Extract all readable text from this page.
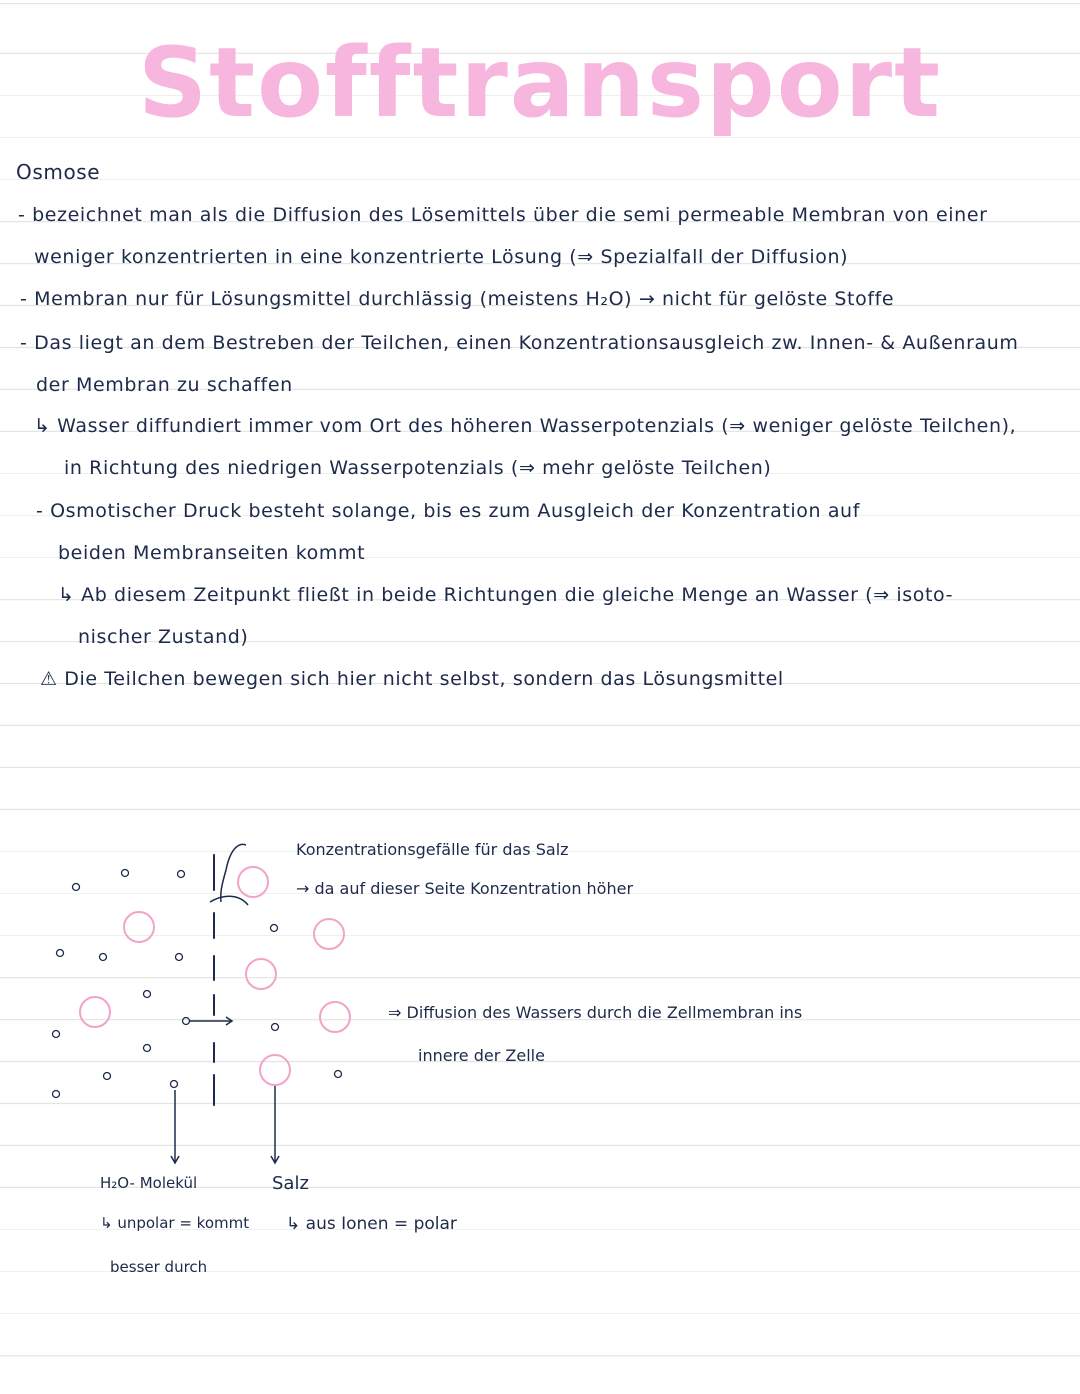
Stofftransport
Osmose
- bezeichnet man als die Diffusion des Lösemittels über die semi permeable Membran von einer
weniger konzentrierten in eine konzentrierte Lösung (⇒ Spezialfall der Diffusion)
- Membran nur für Lösungsmittel durchlässig (meistens H₂O) → nicht für gelöste Stoffe
- Das liegt an dem Bestreben der Teilchen, einen Konzentrationsausgleich zw. Innen- & Außenraum
der Membran zu schaffen
↳ Wasser diffundiert immer vom Ort des höheren Wasserpotenzials (⇒ weniger gelöste Teilchen),
in Richtung des niedrigen Wasserpotenzials (⇒ mehr gelöste Teilchen)
- Osmotischer Druck besteht solange, bis es zum Ausgleich der Konzentration auf
beiden Membranseiten kommt
↳ Ab diesem Zeitpunkt fließt in beide Richtungen die gleiche Menge an Wasser (⇒ isoto-
nischer Zustand)
⚠ Die Teilchen bewegen sich hier nicht selbst, sondern das Lösungsmittel
Konzentrationsgefälle für das Salz
→ da auf dieser Seite Konzentration höher
⇒ Diffusion des Wassers durch die Zellmembran ins
innere der Zelle
H₂O- Molekül
↳ unpolar = kommt
besser durch
Salz
↳ aus Ionen = polar
